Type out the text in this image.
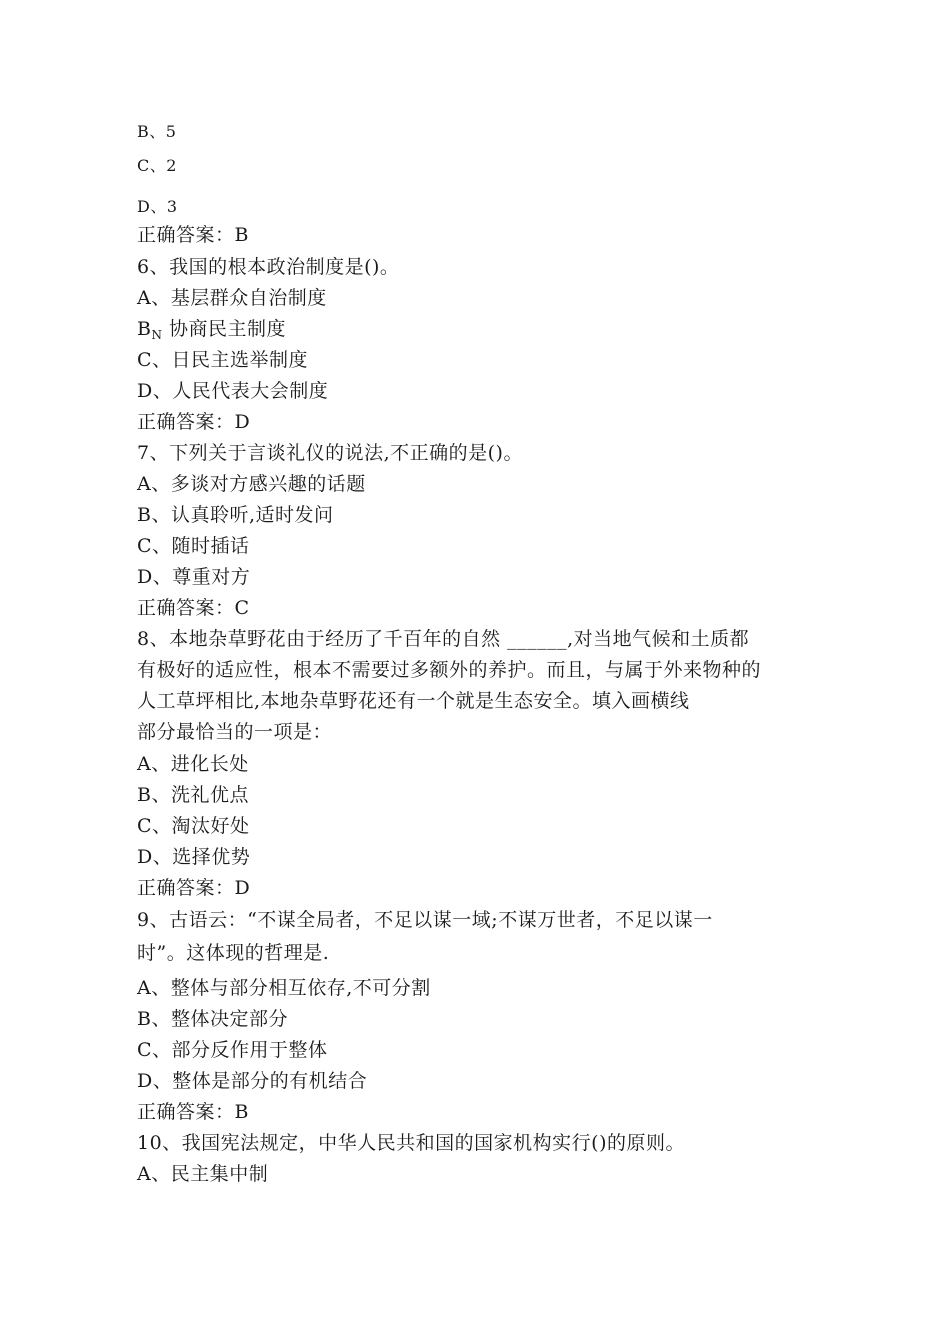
B、5
C、2
D、3
正确答案：B
6、我国的根本政治制度是()。
A、基层群众自治制度
$B_N$ 协商民主制度
C、日民主选举制度
D、人民代表大会制度
正确答案：D
7、下列关于言谈礼仪的说法,不正确的是()。
A、多谈对方感兴趣的话题
B、认真聆听,适时发问
C、随时插话
D、尊重对方
正确答案：C
8、本地杂草野花由于经历了千百年的自然 ______,对当地气候和土质都
有极好的适应性，根本不需要过多额外的养护。而且，与属于外来物种的
人工草坪相比,本地杂草野花还有一个就是生态安全。填入画横线
部分最恰当的一项是：
A、进化长处
B、洗礼优点
C、淘汰好处
D、选择优势
正确答案：D
9、古语云：“不谋全局者，不足以谋一域;不谋万世者，不足以谋一
时”。这体现的哲理是.
A、整体与部分相互依存,不可分割
B、整体决定部分
C、部分反作用于整体
D、整体是部分的有机结合
正确答案：B
10、我国宪法规定，中华人民共和国的国家机构实行()的原则。
A、民主集中制
